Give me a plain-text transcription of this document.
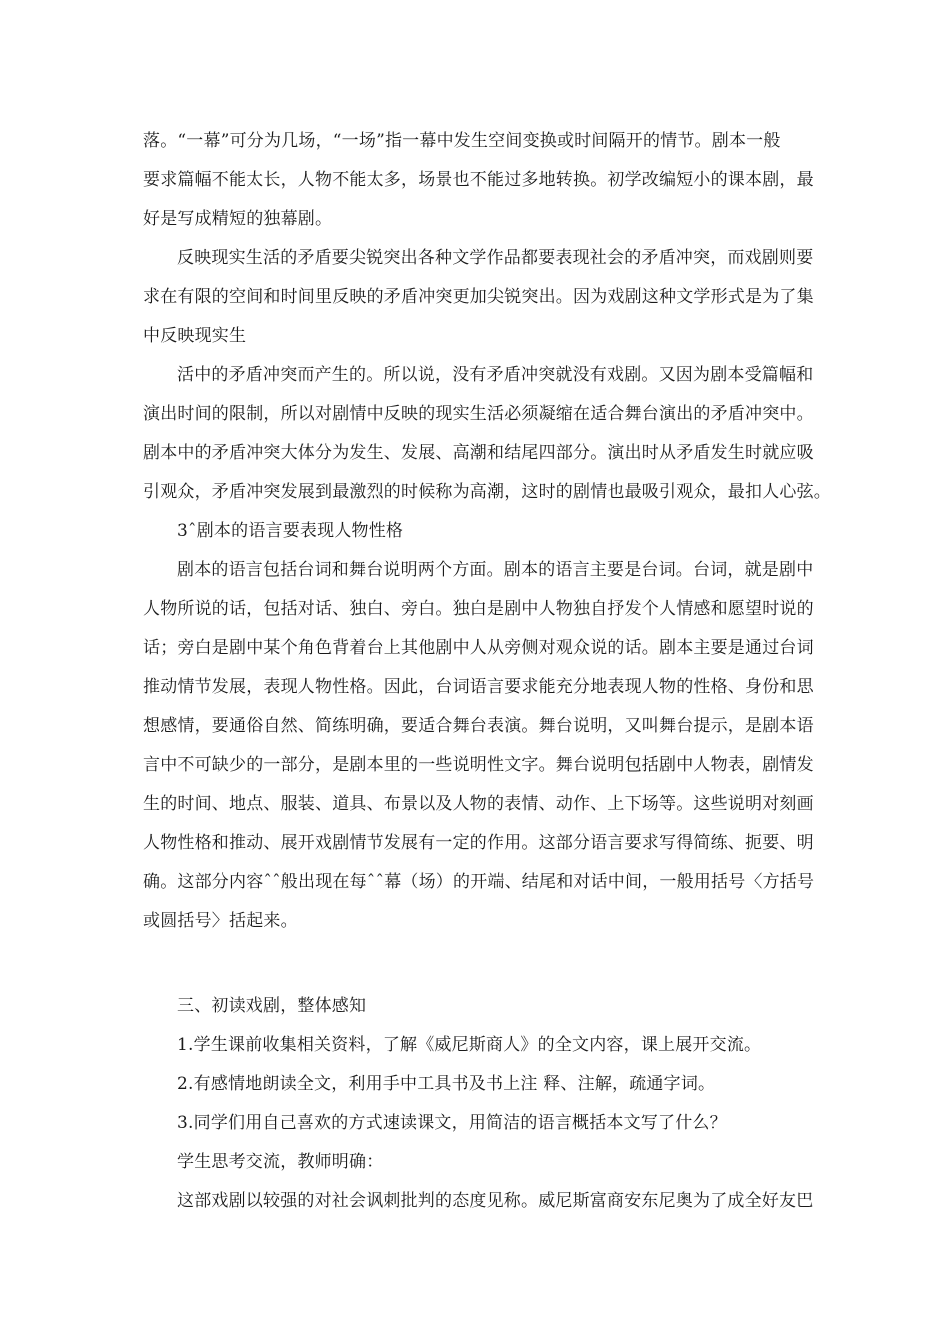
落。“一幕”可分为几场，“一场”指一幕中发生空间变换或时间隔开的情节。剧本一般
要求篇幅不能太长，人物不能太多，场景也不能过多地转换。初学改编短小的课本剧，最
好是写成精短的独幕剧。
反映现实生活的矛盾要尖锐突出各种文学作品都要表现社会的矛盾冲突，而戏剧则要
求在有限的空间和时间里反映的矛盾冲突更加尖锐突出。因为戏剧这种文学形式是为了集
中反映现实生
活中的矛盾冲突而产生的。所以说，没有矛盾冲突就没有戏剧。又因为剧本受篇幅和
演出时间的限制，所以对剧情中反映的现实生活必须凝缩在适合舞台演出的矛盾冲突中。
剧本中的矛盾冲突大体分为发生、发展、高潮和结尾四部分。演出时从矛盾发生时就应吸
引观众，矛盾冲突发展到最激烈的时候称为高潮，这时的剧情也最吸引观众，最扣人心弦。
3ˆ剧本的语言要表现人物性格
剧本的语言包括台词和舞台说明两个方面。剧本的语言主要是台词。台词，就是剧中
人物所说的话，包括对话、独白、旁白。独白是剧中人物独自抒发个人情感和愿望时说的
话；旁白是剧中某个角色背着台上其他剧中人从旁侧对观众说的话。剧本主要是通过台词
推动情节发展，表现人物性格。因此，台词语言要求能充分地表现人物的性格、身份和思
想感情，要通俗自然、简练明确，要适合舞台表演。舞台说明，又叫舞台提示，是剧本语
言中不可缺少的一部分，是剧本里的一些说明性文字。舞台说明包括剧中人物表，剧情发
生的时间、地点、服装、道具、布景以及人物的表情、动作、上下场等。这些说明对刻画
人物性格和推动、展开戏剧情节发展有一定的作用。这部分语言要求写得简练、扼要、明
确。这部分内容ˆˆ般出现在每ˆˆ幕（场）的开端、结尾和对话中间，一般用括号〈方括号
或圆括号〉括起来。
三、初读戏剧，整体感知
1.学生课前收集相关资料，了解《威尼斯商人》的全文内容，课上展开交流。
2.有感情地朗读全文，利用手中工具书及书上注 释、注解，疏通字词。
3.同学们用自己喜欢的方式速读课文，用简洁的语言概括本文写了什么？
学生思考交流，教师明确：
这部戏剧以较强的对社会讽刺批判的态度见称。威尼斯富商安东尼奥为了成全好友巴
